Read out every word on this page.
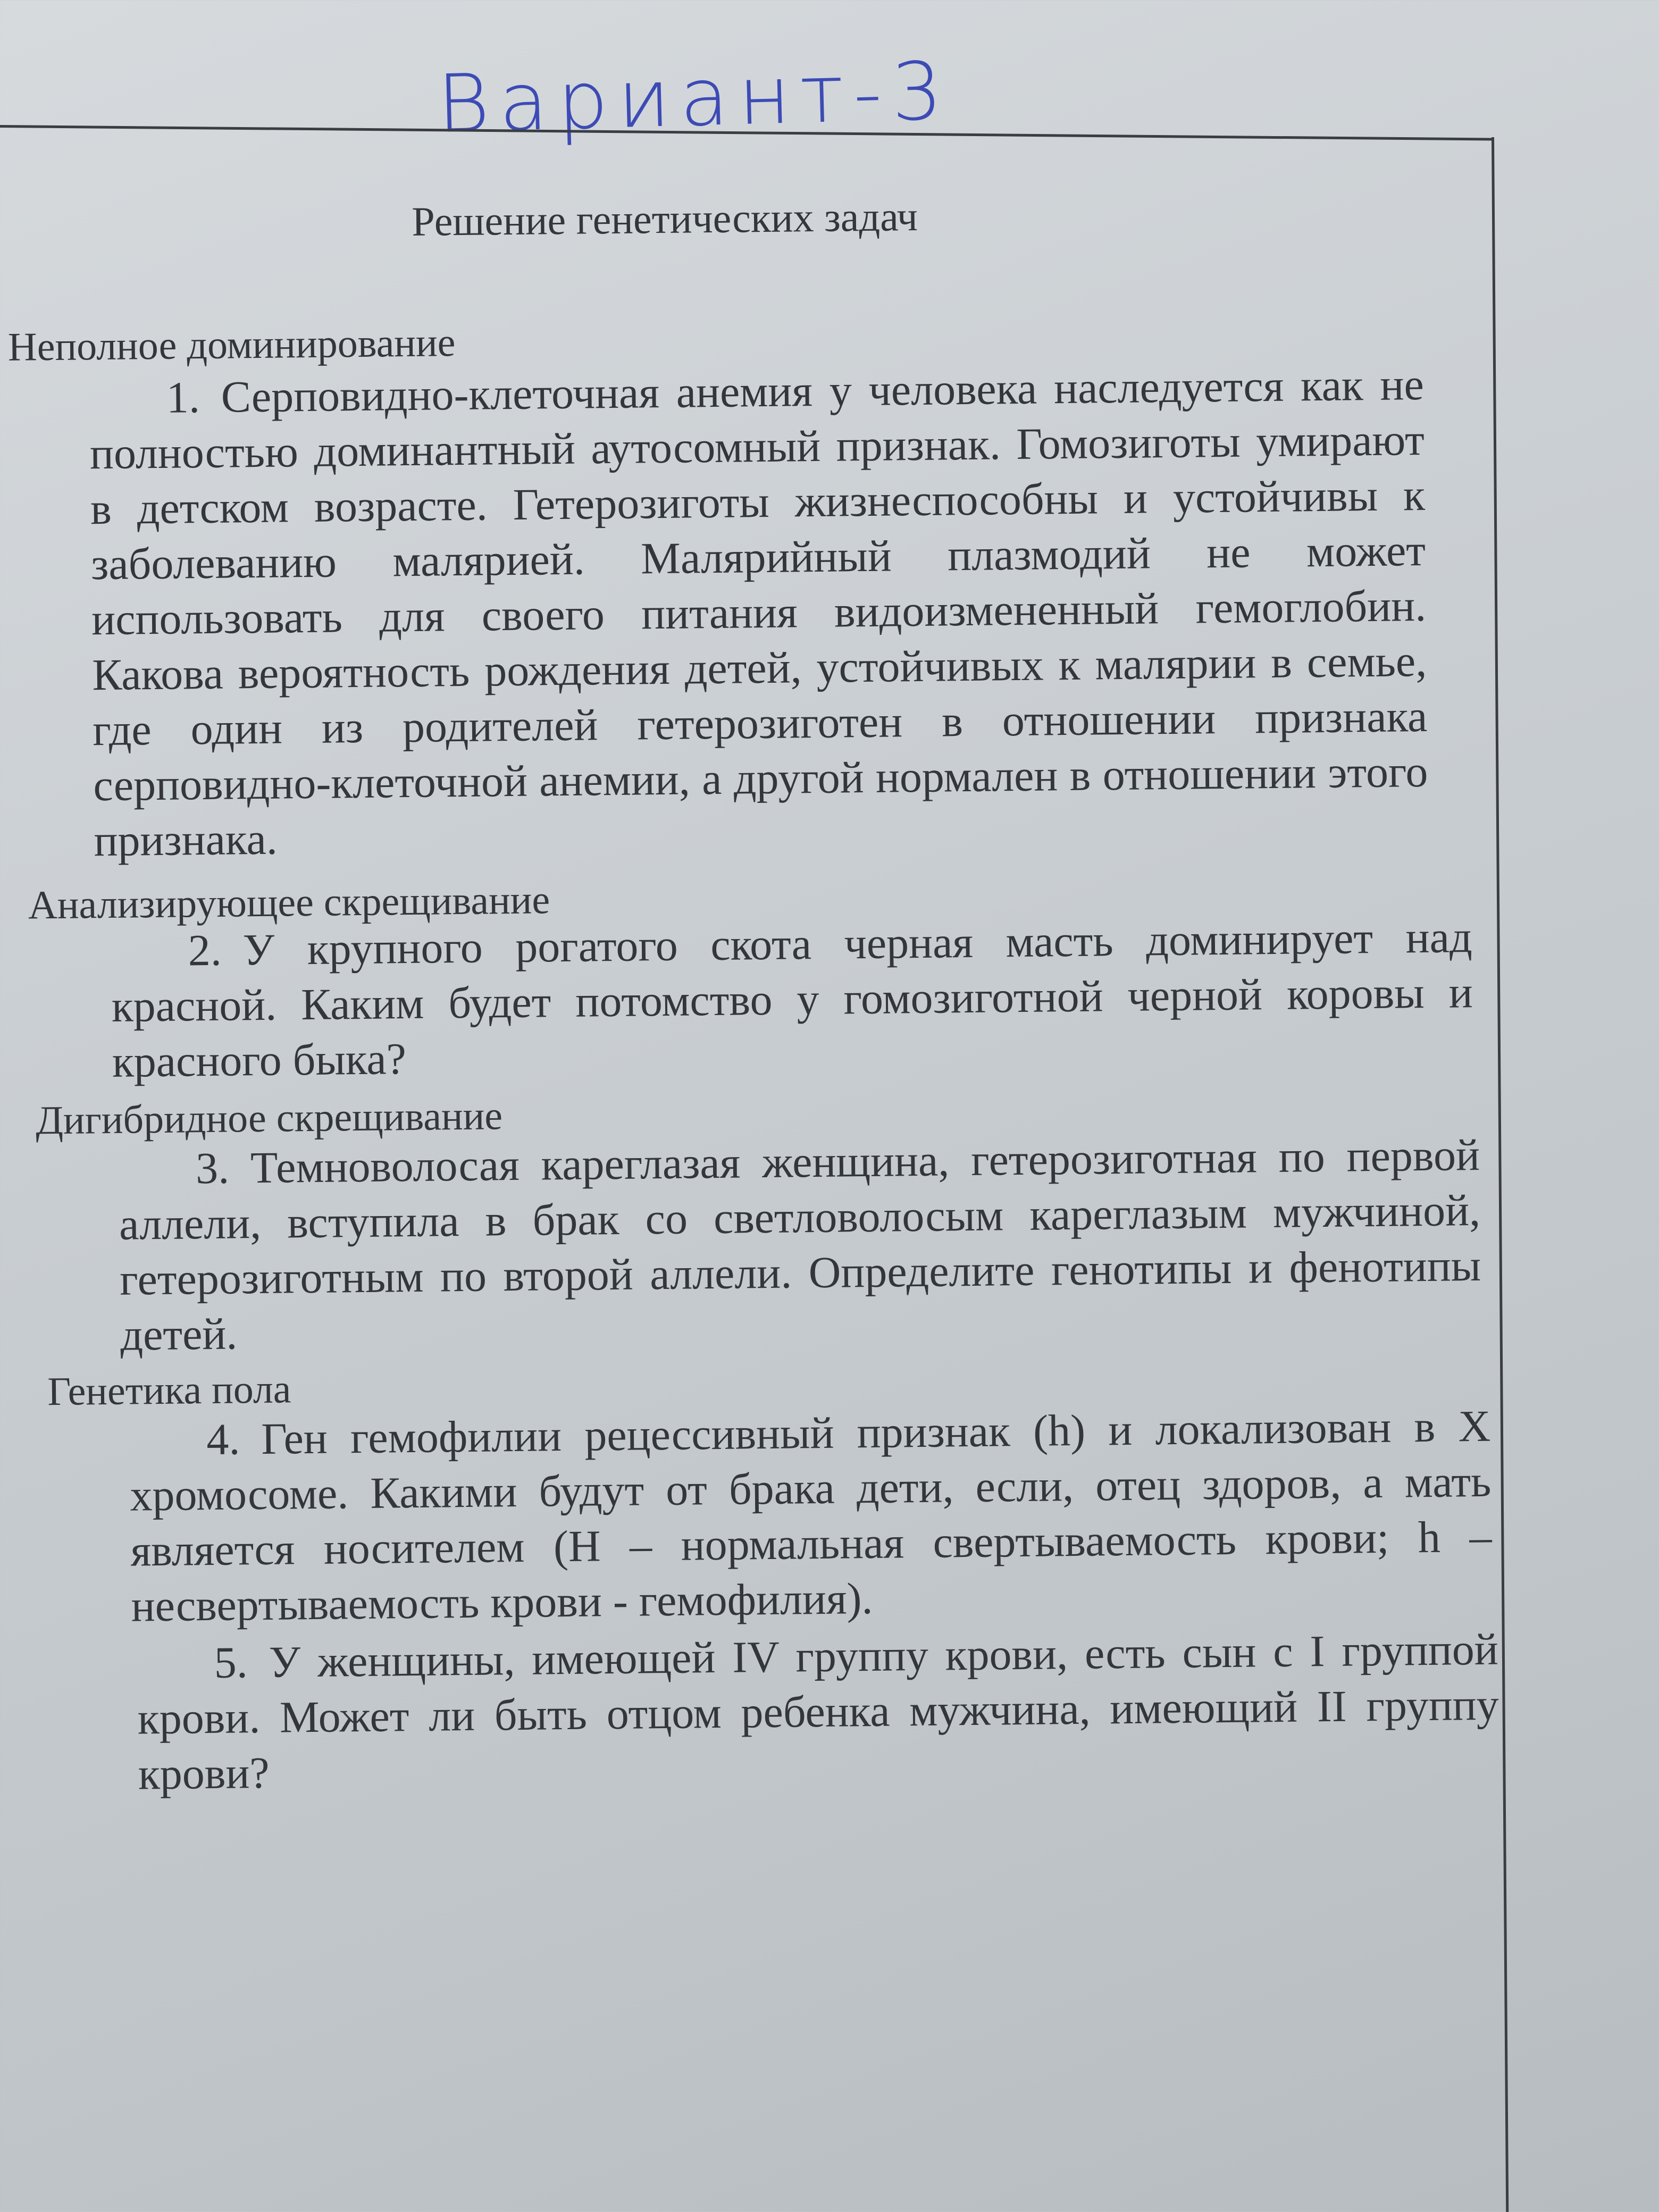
Вариант-3
Решение генетических задач
Неполное доминирование
1. Серповидно-клеточная анемия у человека наследуется как не полностью доминантный аутосомный признак. Гомозиготы умирают в детском возрасте. Гетерозиготы жизнеспособны и устойчивы к заболеванию малярией. Малярийный плазмодий не может использовать для своего питания видоизмененный гемоглобин. Какова вероятность рождения детей, устойчивых к малярии в семье, где один из родителей гетерозиготен в отношении признака серповидно-клеточной анемии, а другой нормален в отношении этого признака.
Анализирующее скрещивание
2. У крупного рогатого скота черная масть доминирует над красной. Каким будет потомство у гомозиготной черной коровы и красного быка?
Дигибридное скрещивание
3. Темноволосая кареглазая женщина, гетерозиготная по первой аллели, вступила в брак со светловолосым кареглазым мужчиной, гетерозиготным по второй аллели. Определите генотипы и фенотипы детей.
Генетика пола
4. Ген гемофилии рецессивный признак (h) и локализован в X хромосоме. Какими будут от брака дети, если, отец здоров, а мать является носителем (H – нормальная свертываемость крови; h – несвертываемость крови - гемофилия).
5. У женщины, имеющей IV группу крови, есть сын с I группой крови. Может ли быть отцом ребенка мужчина, имеющий II группу крови?
